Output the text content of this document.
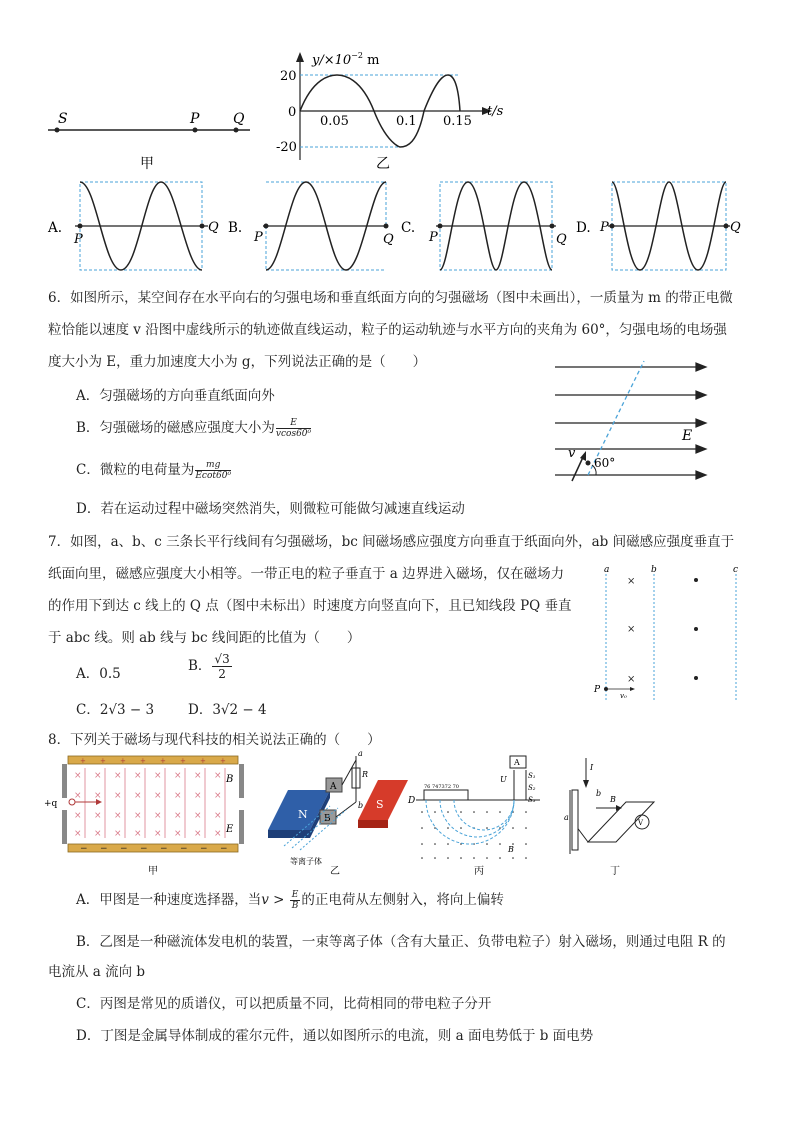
S	P Q
甲
$y/\times 10^{-2}$ m
t/s
20
0
-20
0.05	0.1 0.15
乙
A.
P
Q B.
P	Q
C.
P	Q
D. P	Q
6．如图所示，某空间存在水平向右的匀强电场和垂直纸面方向的匀强磁场（图中未画出），一质量为 m 的带正电微
粒恰能以速度 v 沿图中虚线所示的轨迹做直线运动，粒子的运动轨迹与水平方向的夹角为 60°，匀强电场的电场强
度大小为 E，重力加速度大小为 g，下列说法正确的是（　　）
A．匀强磁场的方向垂直纸面向外
B．匀强磁场的磁感应强度大小为 $\frac{E}{\text{vcos60⁰}}$
C．微粒的电荷量为 $\frac{mg}{\text{Ecot60⁰}}$
D．若在运动过程中磁场突然消失，则微粒可能做匀减速直线运动
E
v
60°
7．如图，a、b、c 三条长平行线间有匀强磁场，bc 间磁场感应强度方向垂直于纸面向外，ab 间磁感应强度垂直于
纸面向里，磁感应强度大小相等。一带正电的粒子垂直于 a 边界进入磁场，仅在磁场力
的作用下到达 c 线上的 Q 点（图中未标出）时速度方向竖直向下，且已知线段 PQ 垂直
于 abc 线。则 ab 线与 bc 线间距的比值为（　　）
A．0.5	B． $\frac{√3}{2}$
C．2√3 − 3	D．3√2 − 4
a	b	c
×
×
×
P
v₀
8．下列关于磁场与现代科技的相关说法正确的（　　）
+ + + + + + + +
− − − − − − − −
× × × × × × × ×
× × × × × × × ×
× × × × × × × ×
× × × × × × × ×
+q
B
E
甲
N
S
A
B
R
a
b
等离子体
乙
D
76 747372 70
A
U	S₁
S₂
S₃
B
丙
I
a
b
B
V
丁
A．甲图是一种速度选择器，当$v > \frac{E}{B}$ 的正电荷从左侧射入，将向上偏转
B．乙图是一种磁流体发电机的装置，一束等离子体（含有大量正、负带电粒子）射入磁场，则通过电阻 R 的
电流从 a 流向 b
C．丙图是常见的质谱仪，可以把质量不同，比荷相同的带电粒子分开
D．丁图是金属导体制成的霍尔元件，通以如图所示的电流，则 a 面电势低于 b 面电势
